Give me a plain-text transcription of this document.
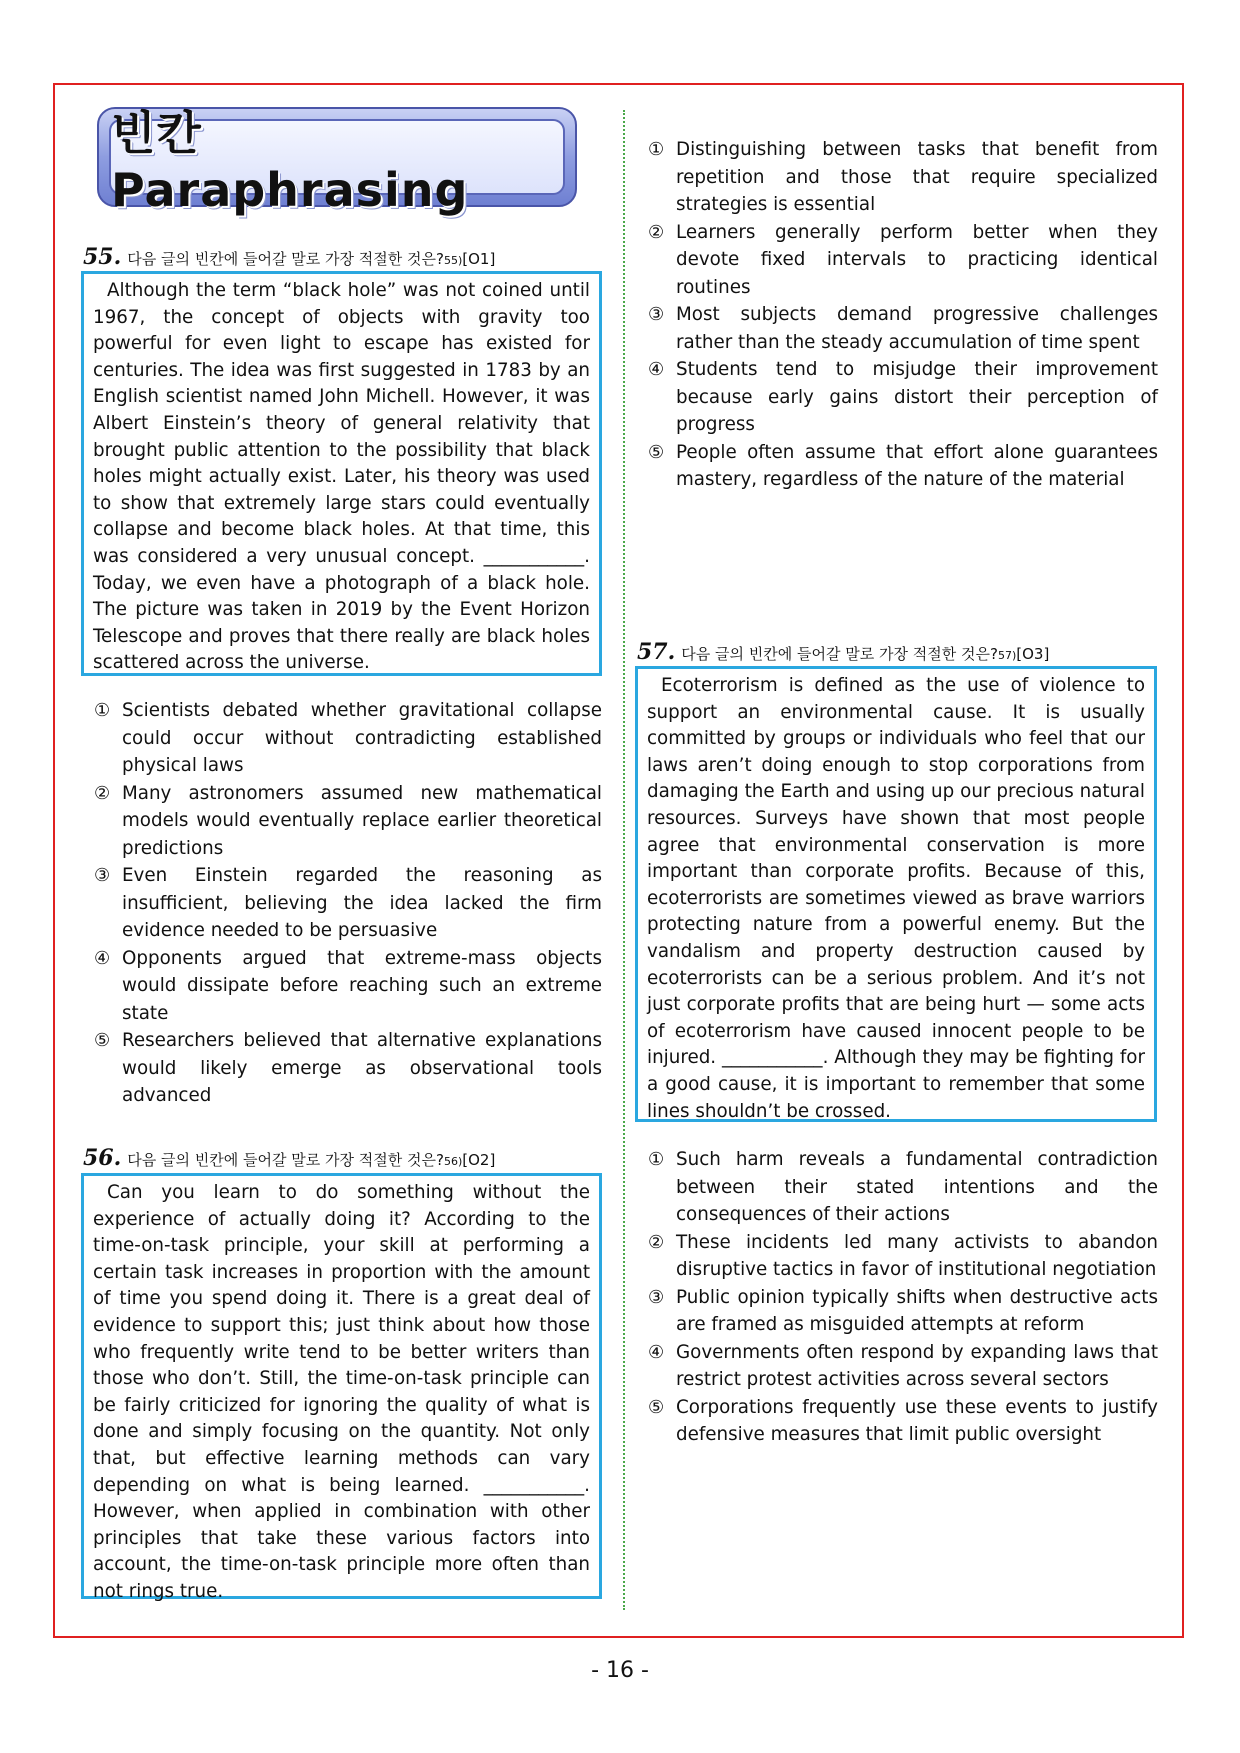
빈칸 Paraphrasing
55 . 다음 글의 빈칸에 들어갈 말로 가장 적절한 것은? 55) [O1]
Although the term “black hole” was not coined until 1967, the concept of objects with gravity too powerful for even light to escape has existed for centuries. The idea was first suggested in 1783 by an English scientist named John Michell. However, it was Albert Einstein’s theory of general relativity that brought public attention to the possibility that black holes might actually exist. Later, his theory was used to show that extremely large stars could eventually collapse and become black holes. At that time, this was considered a very unusual concept. ___________. Today, we even have a photograph of a black hole. The picture was taken in 2019 by the Event Horizon Telescope and proves that there really are black holes scattered across the universe.
① Scientists debated whether gravitational collapse could occur without contradicting established physical laws
② Many astronomers assumed new mathematical models would eventually replace earlier theoretical predictions
③ Even Einstein regarded the reasoning as insufficient, believing the idea lacked the firm evidence needed to be persuasive
④ Opponents argued that extreme-mass objects would dissipate before reaching such an extreme state
⑤ Researchers believed that alternative explanations would likely emerge as observational tools advanced
56 . 다음 글의 빈칸에 들어갈 말로 가장 적절한 것은? 56) [O2]
Can you learn to do something without the experience of actually doing it? According to the time-on-task principle, your skill at performing a certain task increases in proportion with the amount of time you spend doing it. There is a great deal of evidence to support this; just think about how those who frequently write tend to be better writers than those who don’t. Still, the time-on-task principle can be fairly criticized for ignoring the quality of what is done and simply focusing on the quantity. Not only that, but effective learning methods can vary depending on what is being learned. ___________. However, when applied in combination with other principles that take these various factors into account, the time-on-task principle more often than not rings true.
① Distinguishing between tasks that benefit from repetition and those that require specialized strategies is essential
② Learners generally perform better when they devote fixed intervals to practicing identical routines
③ Most subjects demand progressive challenges rather than the steady accumulation of time spent
④ Students tend to misjudge their improvement because early gains distort their perception of progress
⑤ People often assume that effort alone guarantees mastery, regardless of the nature of the material
57 . 다음 글의 빈칸에 들어갈 말로 가장 적절한 것은? 57) [O3]
Ecoterrorism is defined as the use of violence to support an environmental cause. It is usually committed by groups or individuals who feel that our laws aren’t doing enough to stop corporations from damaging the Earth and using up our precious natural resources. Surveys have shown that most people agree that environmental conservation is more important than corporate profits. Because of this, ecoterrorists are sometimes viewed as brave warriors protecting nature from a powerful enemy. But the vandalism and property destruction caused by ecoterrorists can be a serious problem. And it’s not just corporate profits that are being hurt — some acts of ecoterrorism have caused innocent people to be injured. ___________. Although they may be fighting for a good cause, it is important to remember that some lines shouldn’t be crossed.
① Such harm reveals a fundamental contradiction between their stated intentions and the consequences of their actions
② These incidents led many activists to abandon disruptive tactics in favor of institutional negotiation
③ Public opinion typically shifts when destructive acts are framed as misguided attempts at reform
④ Governments often respond by expanding laws that restrict protest activities across several sectors
⑤ Corporations frequently use these events to justify defensive measures that limit public oversight
- 16 -
